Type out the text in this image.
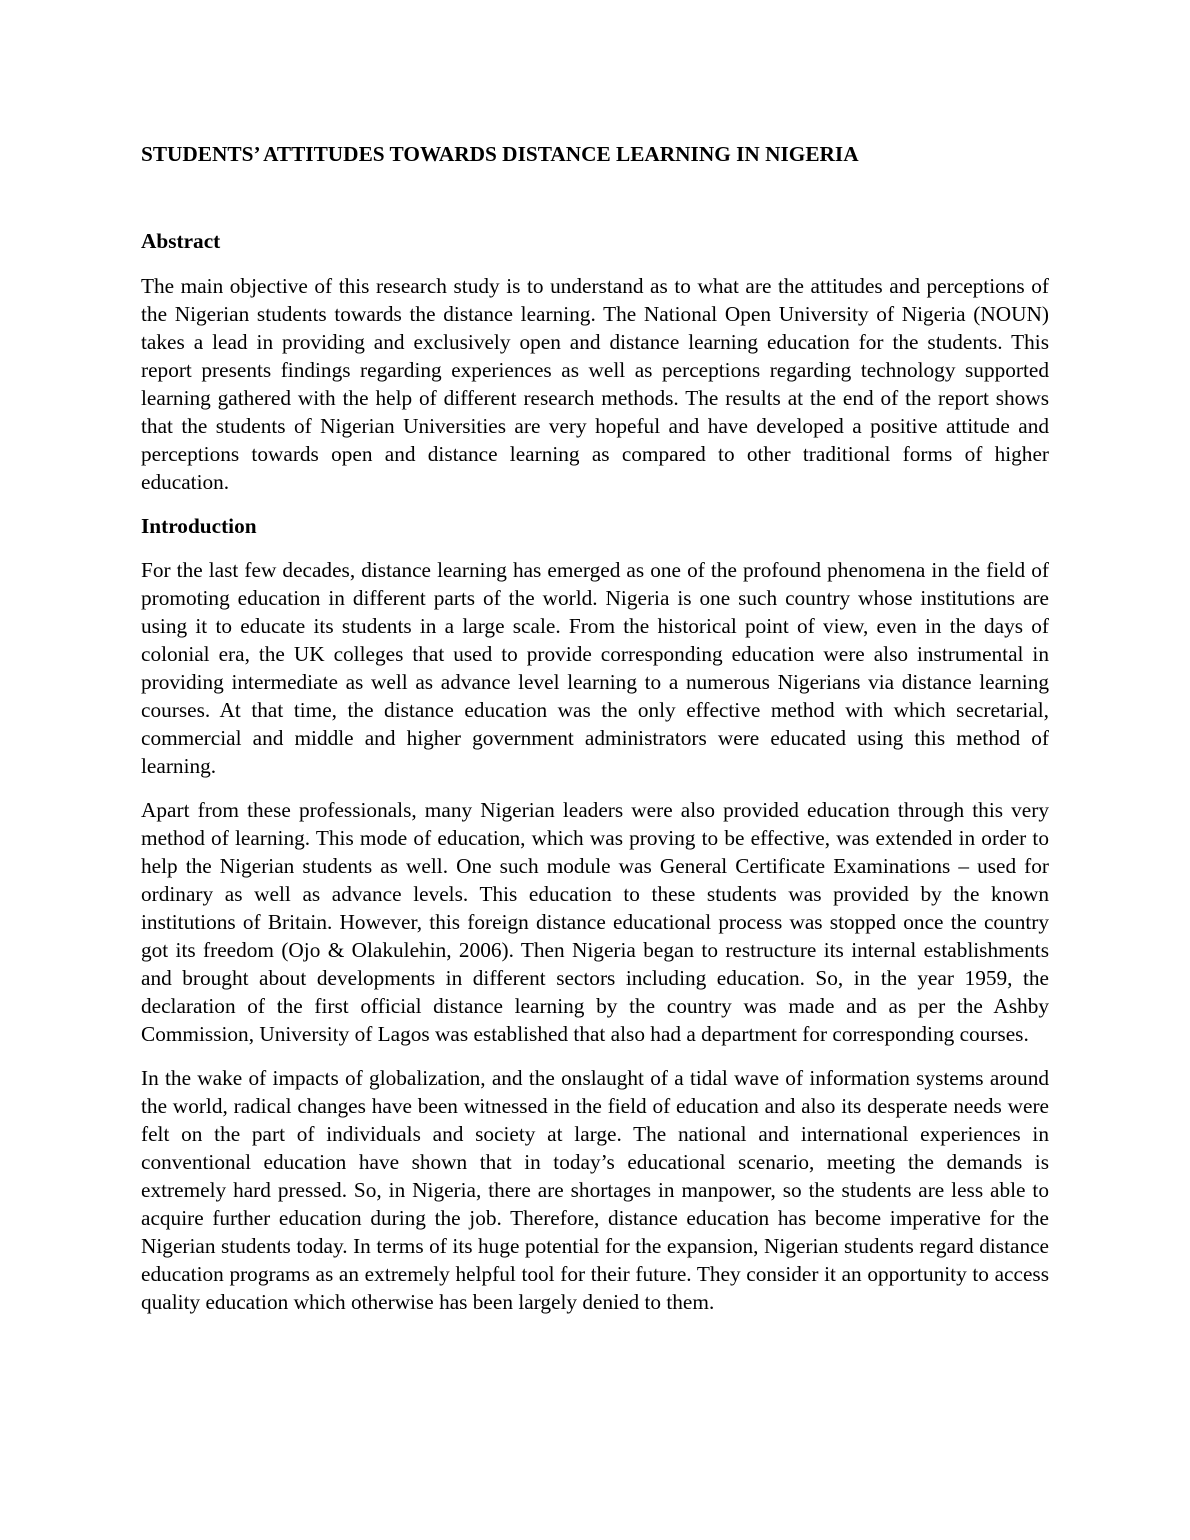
STUDENTS’ ATTITUDES TOWARDS DISTANCE LEARNING IN NIGERIA
Abstract

The main objective of this research study is to understand as to what are the attitudes and perceptions of the Nigerian students towards the distance learning. The National Open University of Nigeria (NOUN) takes a lead in providing and exclusively open and distance learning education for the students. This report presents findings regarding experiences as well as perceptions regarding technology supported learning gathered with the help of different research methods. The results at the end of the report shows that the students of Nigerian Universities are very hopeful and have developed a positive attitude and perceptions towards open and distance learning as compared to other traditional forms of higher education.

Introduction

For the last few decades, distance learning has emerged as one of the profound phenomena in the field of promoting education in different parts of the world. Nigeria is one such country whose institutions are using it to educate its students in a large scale. From the historical point of view, even in the days of colonial era, the UK colleges that used to provide corresponding education were also instrumental in providing intermediate as well as advance level learning to a numerous Nigerians via distance learning courses. At that time, the distance education was the only effective method with which secretarial, commercial and middle and higher government administrators were educated using this method of learning.

Apart from these professionals, many Nigerian leaders were also provided education through this very method of learning. This mode of education, which was proving to be effective, was extended in order to help the Nigerian students as well. One such module was General Certificate Examinations – used for ordinary as well as advance levels. This education to these students was provided by the known institutions of Britain. However, this foreign distance educational process was stopped once the country got its freedom (Ojo & Olakulehin, 2006). Then Nigeria began to restructure its internal establishments and brought about developments in different sectors including education. So, in the year 1959, the declaration of the first official distance learning by the country was made and as per the Ashby Commission, University of Lagos was established that also had a department for corresponding courses.

In the wake of impacts of globalization, and the onslaught of a tidal wave of information systems around the world, radical changes have been witnessed in the field of education and also its desperate needs were felt on the part of individuals and society at large. The national and international experiences in conventional education have shown that in today’s educational scenario, meeting the demands is extremely hard pressed. So, in Nigeria, there are shortages in manpower, so the students are less able to acquire further education during the job. Therefore, distance education has become imperative for the Nigerian students today. In terms of its huge potential for the expansion, Nigerian students regard distance education programs as an extremely helpful tool for their future. They consider it an opportunity to access quality education which otherwise has been largely denied to them.
